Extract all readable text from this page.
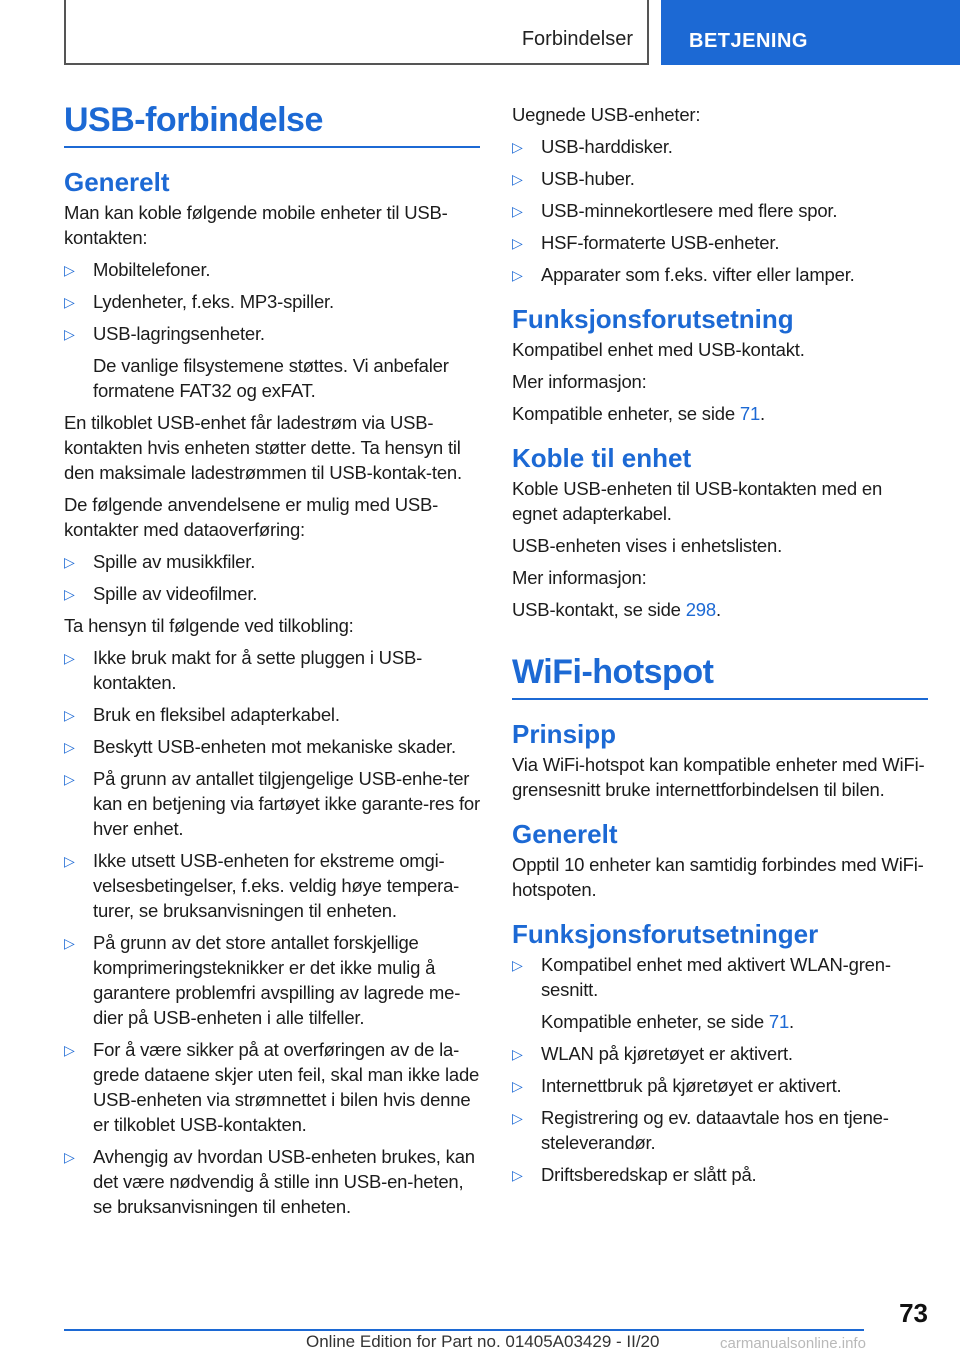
Forbindelser	BETJENING
USB-forbindelse
Generelt

Man kan koble følgende mobile enheter til USB-kontakten:

▷ Mobiltelefoner.
▷ Lydenheter, f.eks. MP3-spiller.
▷ USB-lagringsenheter.
De vanlige filsystemene støttes. Vi anbefaler formatene FAT32 og exFAT.

En tilkoblet USB-enhet får ladestrøm via USB-kontakten hvis enheten støtter dette. Ta hensyn til den maksimale ladestrømmen til USB-kontak-ten.

De følgende anvendelsene er mulig med USB-kontakter med dataoverføring:

▷ Spille av musikkfiler.
▷ Spille av videofilmer.

Ta hensyn til følgende ved tilkobling:

▷ Ikke bruk makt for å sette pluggen i USB-kontakten.
▷ Bruk en fleksibel adapterkabel.
▷ Beskytt USB-enheten mot mekaniske skader.
▷ På grunn av antallet tilgjengelige USB-enhe-ter kan en betjening via fartøyet ikke garante-res for hver enhet.
▷ Ikke utsett USB-enheten for ekstreme omgi-velsesbetingelser, f.eks. veldig høye tempera-turer, se bruksanvisningen til enheten.
▷ På grunn av det store antallet forskjellige komprimeringsteknikker er det ikke mulig å garantere problemfri avspilling av lagrede me-dier på USB-enheten i alle tilfeller.
▷ For å være sikker på at overføringen av de la-grede dataene skjer uten feil, skal man ikke lade USB-enheten via strømnettet i bilen hvis denne er tilkoblet USB-kontakten.
▷ Avhengig av hvordan USB-enheten brukes, kan det være nødvendig å stille inn USB-en-heten, se bruksanvisningen til enheten.

Uegnede USB-enheter:

▷ USB-harddisker.
▷ USB-huber.
▷ USB-minnekortlesere med flere spor.
▷ HSF-formaterte USB-enheter.
▷ Apparater som f.eks. vifter eller lamper.
Funksjonsforutsetning

Kompatibel enhet med USB-kontakt.

Mer informasjon:

Kompatible enheter, se side 71.

Koble til enhet

Koble USB-enheten til USB-kontakten med en egnet adapterkabel.

USB-enheten vises i enhetslisten.

Mer informasjon:

USB-kontakt, se side 298.

WiFi-hotspot
Prinsipp

Via WiFi-hotspot kan kompatible enheter med WiFi-grensesnitt bruke internettforbindelsen til bilen.

Generelt

Opptil 10 enheter kan samtidig forbindes med WiFi-hotspoten.

Funksjonsforutsetninger
▷ Kompatibel enhet med aktivert WLAN-gren-sesnitt.
Kompatible enheter, se side 71.
▷ WLAN på kjøretøyet er aktivert.
▷ Internettbruk på kjøretøyet er aktivert.
▷ Registrering og ev. dataavtale hos en tjene-steleverandør.
▷ Driftsberedskap er slått på.
73
Online Edition for Part no. 01405A03429 - II/20	carmanualsonline.info
